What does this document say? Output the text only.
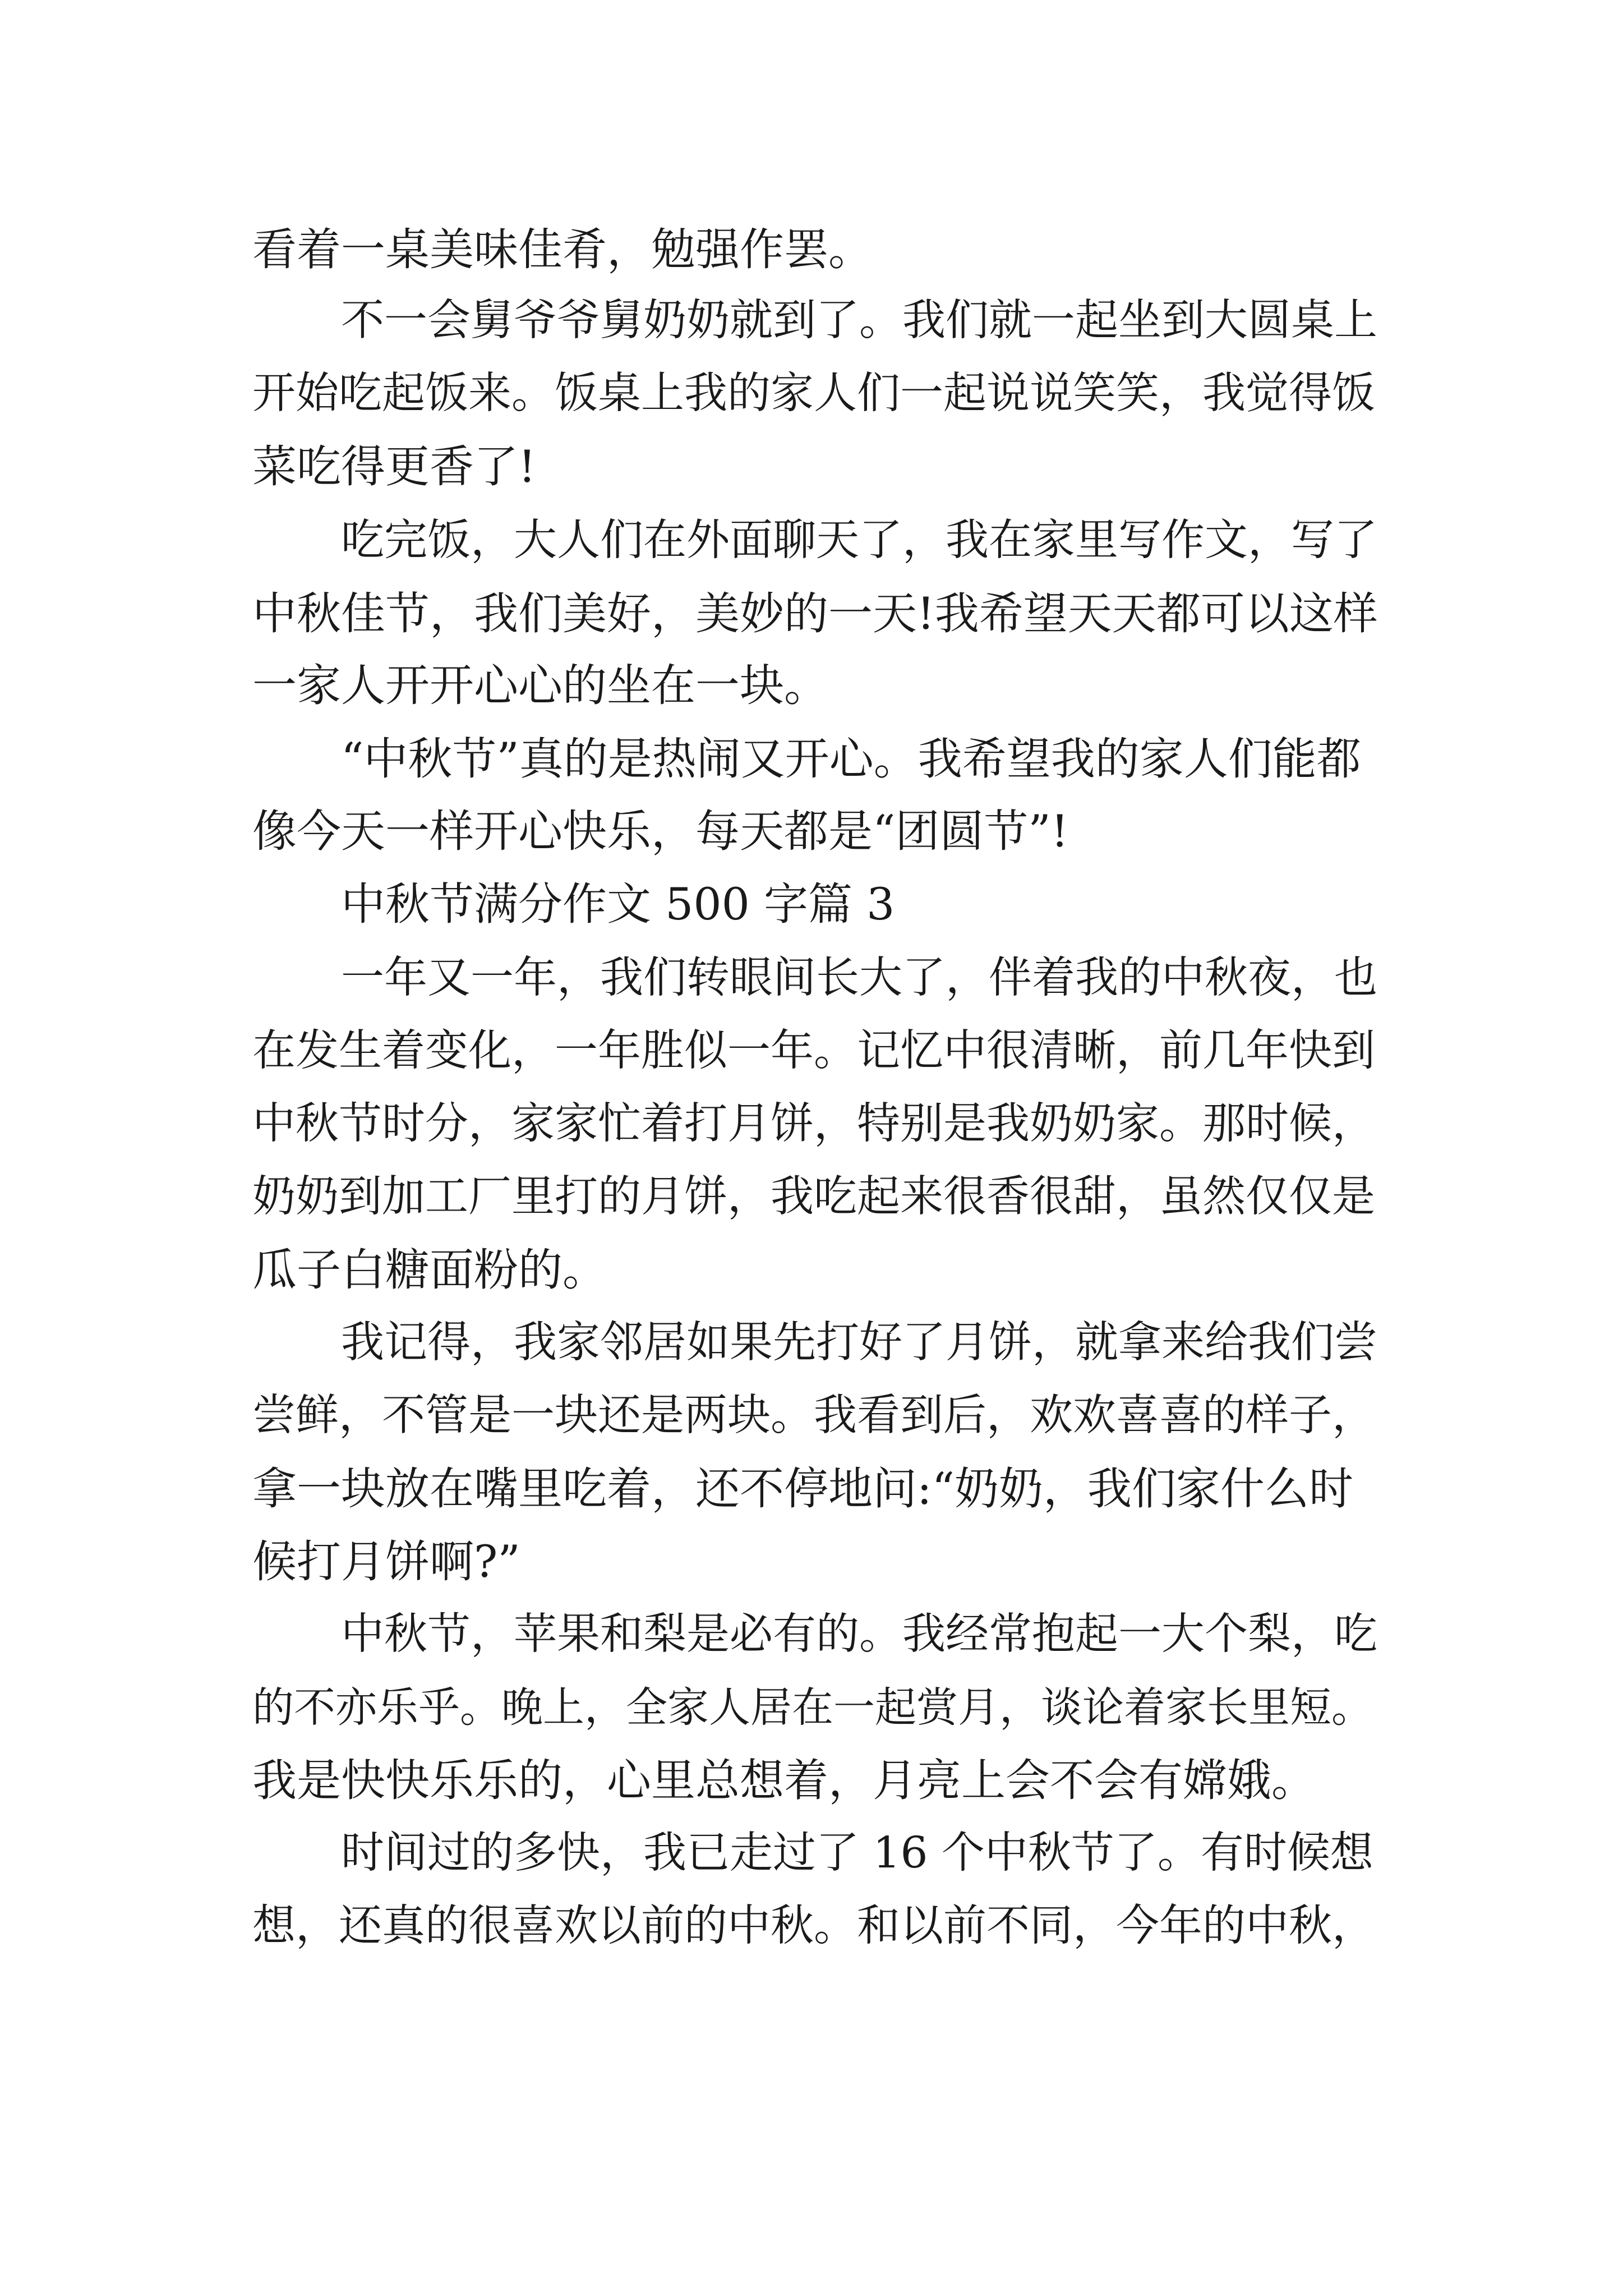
看着一桌美味佳肴，勉强作罢。

不一会舅爷爷舅奶奶就到了。我们就一起坐到大圆桌上

开始吃起饭来。饭桌上我的家人们一起说说笑笑，我觉得饭

菜吃得更香了!

吃完饭，大人们在外面聊天了，我在家里写作文，写了

中秋佳节，我们美好，美妙的一天!我希望天天都可以这样

一家人开开心心的坐在一块。

“中秋节”真的是热闹又开心。我希望我的家人们能都

像今天一样开心快乐，每天都是“团圆节”!

中秋节满分作文 500 字篇 3

一年又一年，我们转眼间长大了，伴着我的中秋夜，也

在发生着变化，一年胜似一年。记忆中很清晰，前几年快到

中秋节时分，家家忙着打月饼，特别是我奶奶家。那时候，

奶奶到加工厂里打的月饼，我吃起来很香很甜，虽然仅仅是

瓜子白糖面粉的。

我记得，我家邻居如果先打好了月饼，就拿来给我们尝

尝鲜，不管是一块还是两块。我看到后，欢欢喜喜的样子，

拿一块放在嘴里吃着，还不停地问:“奶奶，我们家什么时

候打月饼啊?”

中秋节，苹果和梨是必有的。我经常抱起一大个梨，吃

的不亦乐乎。晚上，全家人居在一起赏月，谈论着家长里短。

我是快快乐乐的，心里总想着，月亮上会不会有嫦娥。

时间过的多快，我已走过了 16 个中秋节了。有时候想

想，还真的很喜欢以前的中秋。和以前不同，今年的中秋，
